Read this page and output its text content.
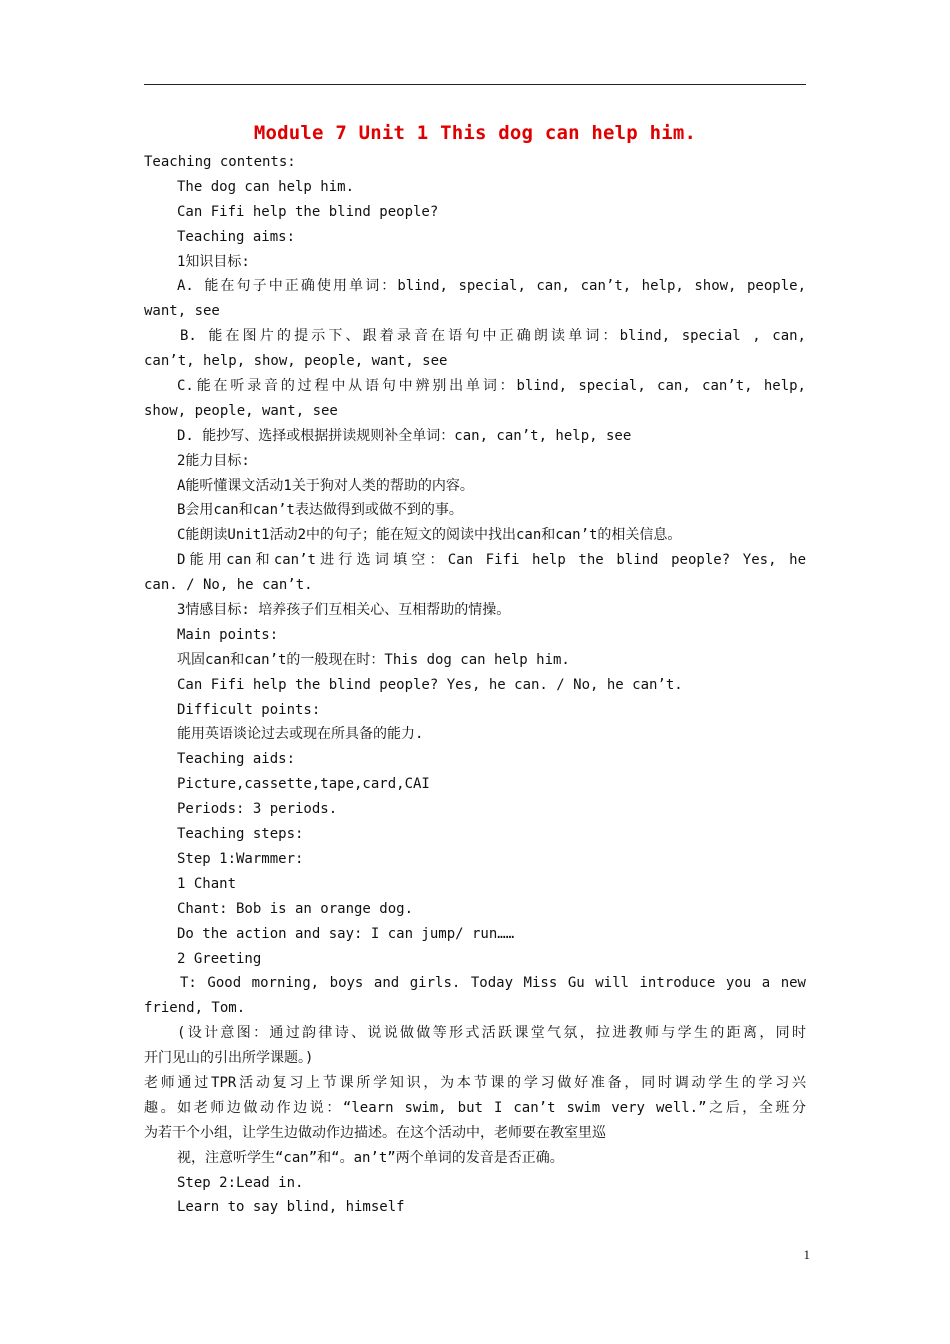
Module 7 Unit 1 This dog can help him.
Teaching contents:
The dog can help him.
Can Fifi help the blind people?
Teaching aims:
1知识目标:
A. 能在句子中正确使用单词：blind, special, can, can’t, help, show, people,
want, see
B. 能在图片的提示下、跟着录音在语句中正确朗读单词：blind, special , can,
can’t, help, show, people, want, see
C.能在听录音的过程中从语句中辨别出单词：blind, special, can, can’t, help,
show, people, want, see
D. 能抄写、选择或根据拼读规则补全单词：can, can’t, help, see
2能力目标:
A能听懂课文活动1关于狗对人类的帮助的内容。
B会用can和can’t表达做得到或做不到的事。
C能朗读Unit1活动2中的句子；能在短文的阅读中找出can和can’t的相关信息。
D能用can和can’t进行选词填空：Can Fifi help the blind people? Yes, he
can. / No, he can’t.
3情感目标: 培养孩子们互相关心、互相帮助的情操。
Main points:
巩固can和can’t的一般现在时：This dog can help him.
Can Fifi help the blind people? Yes, he can. / No, he can’t.
Difficult points:
能用英语谈论过去或现在所具备的能力.
Teaching aids:
Picture,cassette,tape,card,CAI
Periods: 3 periods.
Teaching steps:
Step 1:Warmmer:
1 Chant
Chant: Bob is an orange dog.
Do the action and say: I can jump/ run……
2 Greeting
T: Good morning, boys and girls. Today Miss Gu will introduce you a new
friend, Tom.
(设计意图：通过韵律诗、说说做做等形式活跃课堂气氛，拉进教师与学生的距离，同时
开门见山的引出所学课题。)
老师通过TPR活动复习上节课所学知识，为本节课的学习做好准备，同时调动学生的学习兴
趣。如老师边做动作边说：“learn swim, but I can’t swim very well.”之后，全班分
为若干个小组，让学生边做动作边描述。在这个活动中，老师要在教室里巡
视，注意听学生“can”和“。an’t”两个单词的发音是否正确。
Step 2:Lead in.
Learn to say blind, himself
1
